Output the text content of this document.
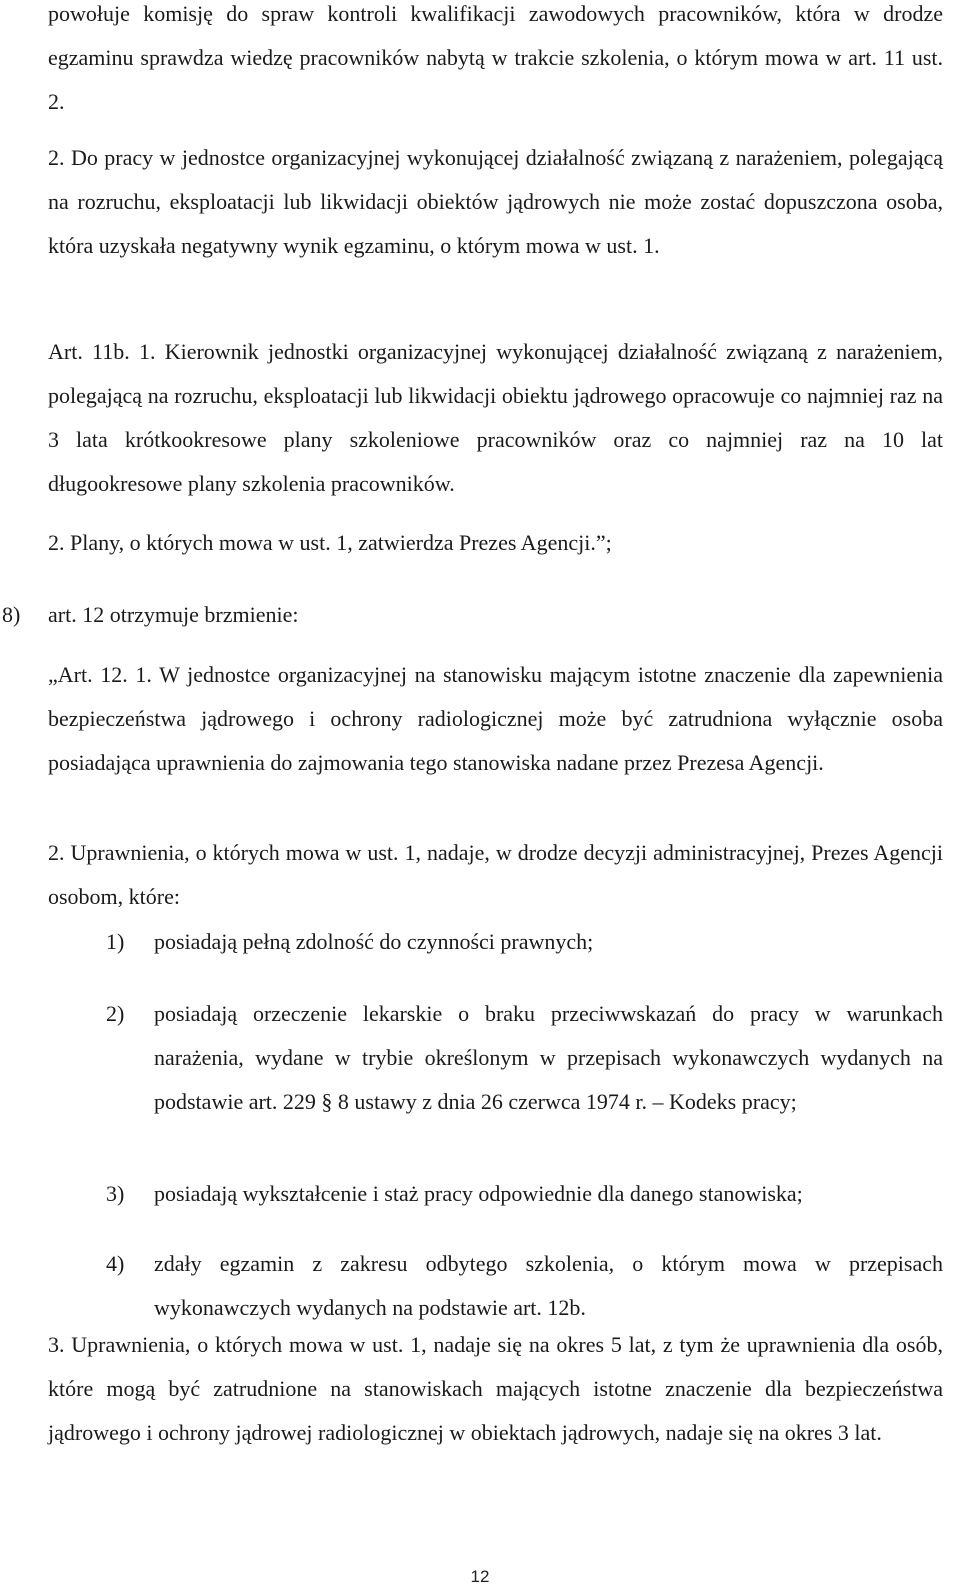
powołuje komisję do spraw kontroli kwalifikacji zawodowych pracowników, która w drodze egzaminu sprawdza wiedzę pracowników nabytą w trakcie szkolenia, o którym mowa w art. 11 ust. 2.
2. Do pracy w jednostce organizacyjnej wykonującej działalność związaną z narażeniem, polegającą na rozruchu, eksploatacji lub likwidacji obiektów jądrowych nie może zostać dopuszczona osoba, która uzyskała negatywny wynik egzaminu, o którym mowa w ust. 1.
Art. 11b. 1. Kierownik jednostki organizacyjnej wykonującej działalność związaną z narażeniem, polegającą na rozruchu, eksploatacji lub likwidacji obiektu jądrowego opracowuje co najmniej raz na 3 lata krótkookresowe plany szkoleniowe pracowników oraz co najmniej raz na 10 lat długookresowe plany szkolenia pracowników.
2. Plany, o których mowa w ust. 1, zatwierdza Prezes Agencji.”;
8) art. 12 otrzymuje brzmienie:
„Art. 12. 1. W jednostce organizacyjnej na stanowisku mającym istotne znaczenie dla zapewnienia bezpieczeństwa jądrowego i ochrony radiologicznej może być zatrudniona wyłącznie osoba posiadająca uprawnienia do zajmowania tego stanowiska nadane przez Prezesa Agencji.
2. Uprawnienia, o których mowa w ust. 1, nadaje, w drodze decyzji administracyjnej, Prezes Agencji osobom, które:
1) posiadają pełną zdolność do czynności prawnych;
2) posiadają orzeczenie lekarskie o braku przeciwwskazań do pracy w warunkach narażenia, wydane w trybie określonym w przepisach wykonawczych wydanych na podstawie art. 229 § 8 ustawy z dnia 26 czerwca 1974 r. – Kodeks pracy;
3) posiadają wykształcenie i staż pracy odpowiednie dla danego stanowiska;
4) zdały egzamin z zakresu odbytego szkolenia, o którym mowa w przepisach wykonawczych wydanych na podstawie art. 12b.
3. Uprawnienia, o których mowa w ust. 1, nadaje się na okres 5 lat, z tym że uprawnienia dla osób, które mogą być zatrudnione na stanowiskach mających istotne znaczenie dla bezpieczeństwa jądrowego i ochrony jądrowej radiologicznej w obiektach jądrowych, nadaje się na okres 3 lat.
12
